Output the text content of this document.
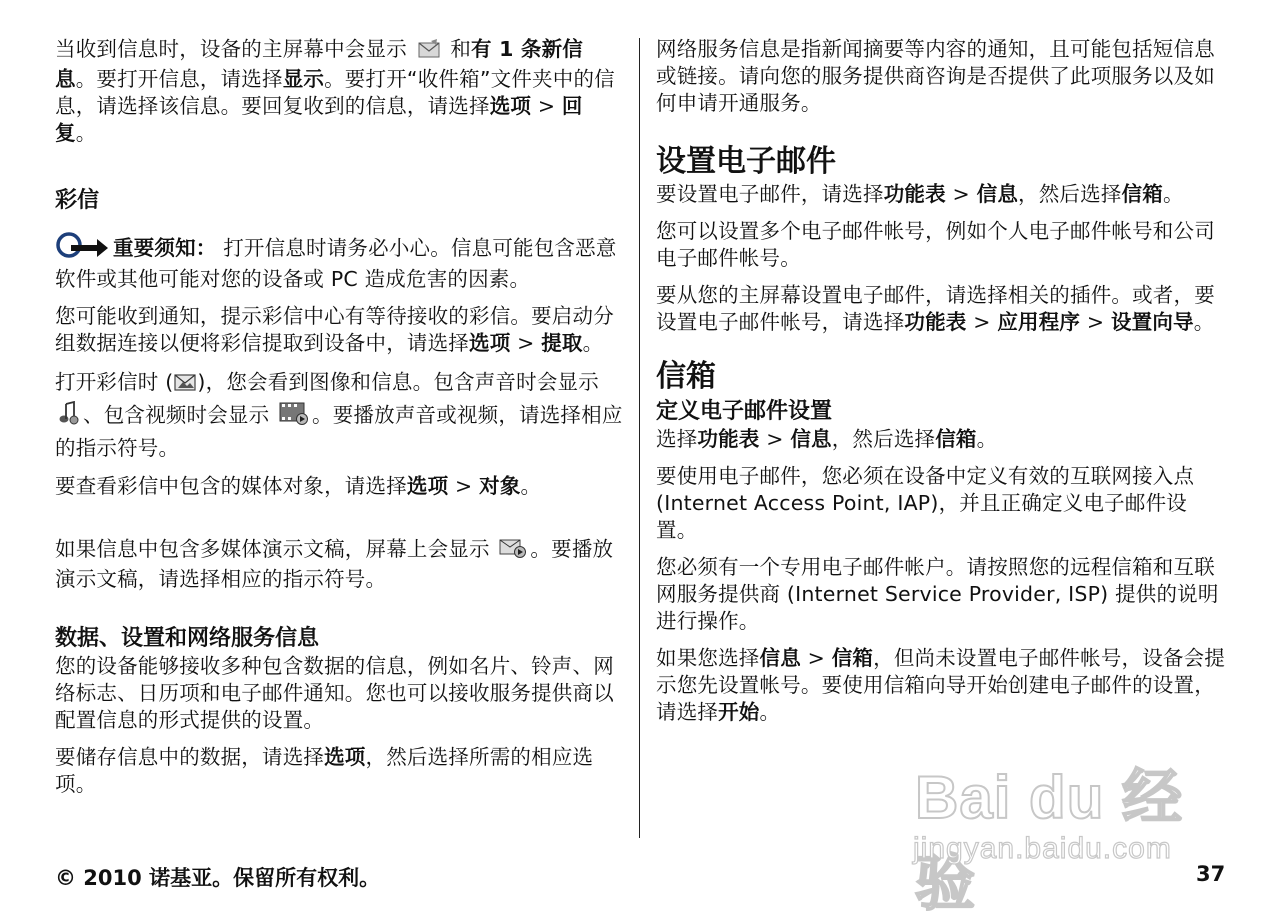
当收到信息时，设备的主屏幕中会显示 和有 1 条新信息。要打开信息，请选择显示。要打开“收件箱”文件夹中的信息，请选择该信息。要回复收到的信息，请选择选项 > 回复。

彩信

重要须知： 打开信息时请务必小心。信息可能包含恶意软件或其他可能对您的设备或 PC 造成危害的因素。

您可能收到通知，提示彩信中心有等待接收的彩信。要启动分组数据连接以便将彩信提取到设备中，请选择选项 > 提取。

打开彩信时 ( )，您会看到图像和信息。包含声音时会显示 、包含视频时会显示 。要播放声音或视频，请选择相应的指示符号。

要查看彩信中包含的媒体对象，请选择选项 > 对象。

如果信息中包含多媒体演示文稿，屏幕上会显示 。要播放演示文稿，请选择相应的指示符号。

数据、设置和网络服务信息

您的设备能够接收多种包含数据的信息，例如名片、铃声、网络标志、日历项和电子邮件通知。您也可以接收服务提供商以配置信息的形式提供的设置。

要储存信息中的数据，请选择选项，然后选择所需的相应选项。

网络服务信息是指新闻摘要等内容的通知，且可能包括短信息或链接。请向您的服务提供商咨询是否提供了此项服务以及如何申请开通服务。

设置电子邮件

要设置电子邮件，请选择功能表 > 信息，然后选择信箱。

您可以设置多个电子邮件帐号，例如个人电子邮件帐号和公司电子邮件帐号。

要从您的主屏幕设置电子邮件，请选择相关的插件。或者，要设置电子邮件帐号，请选择功能表 > 应用程序 > 设置向导。

信箱
定义电子邮件设置

选择功能表 > 信息，然后选择信箱。

要使用电子邮件，您必须在设备中定义有效的互联网接入点 (Internet Access Point, IAP)，并且正确定义电子邮件设置。

您必须有一个专用电子邮件帐户。请按照您的远程信箱和互联网服务提供商 (Internet Service Provider, ISP) 提供的说明进行操作。

如果您选择信息 > 信箱，但尚未设置电子邮件帐号，设备会提示您先设置帐号。要使用信箱向导开始创建电子邮件的设置，请选择开始。

Bai du 经验
jingyan.baidu.com
© 2010 诺基亚。保留所有权利。	37
